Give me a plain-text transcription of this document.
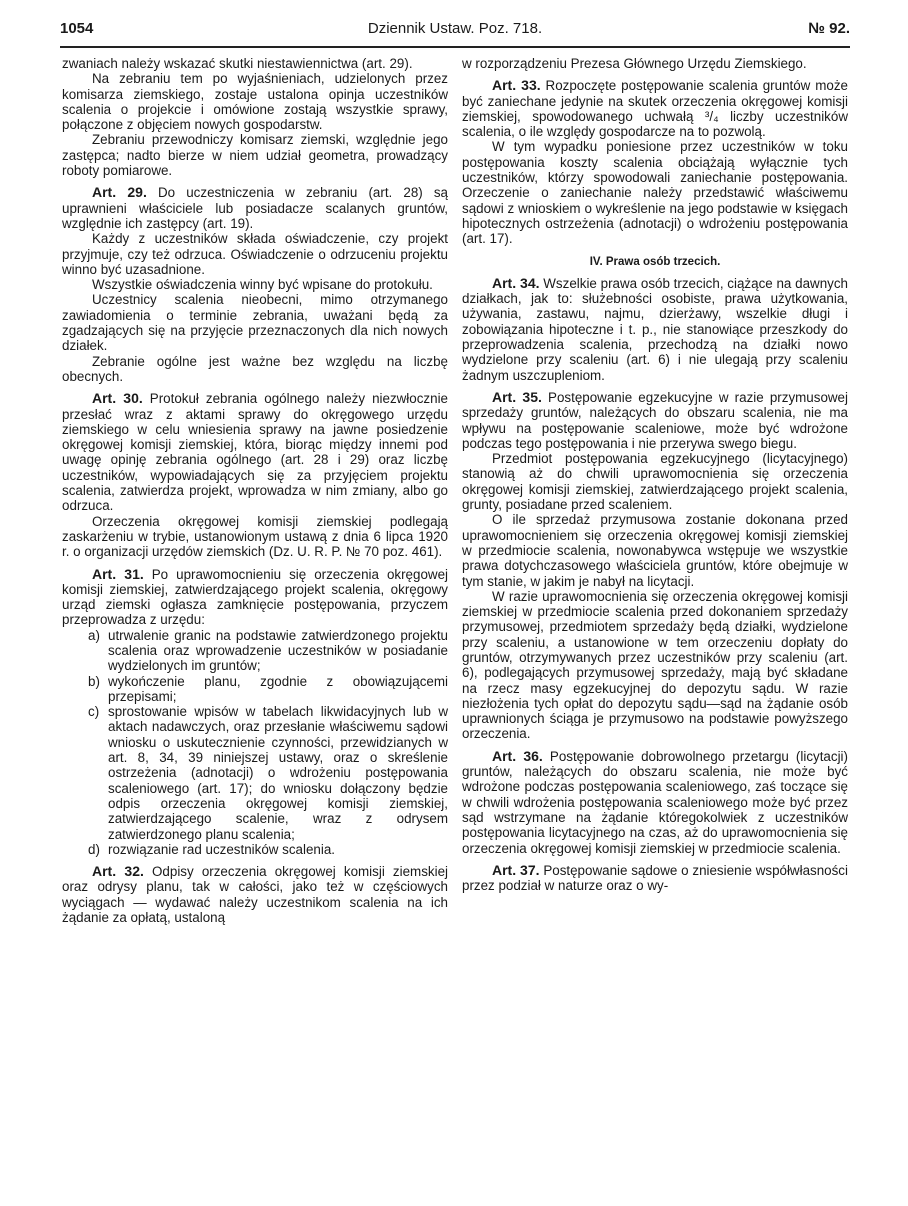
1054	Dziennik Ustaw. Poz. 718.	№ 92.

zwaniach należy wskazać skutki niestawiennictwa (art. 29).

Na zebraniu tem po wyjaśnieniach, udzielonych przez komisarza ziemskiego, zostaje ustalona opinja uczestników scalenia o projekcie i omówione zostają wszystkie sprawy, połączone z objęciem nowych gospodarstw.

Zebraniu przewodniczy komisarz ziemski, względnie jego zastępca; nadto bierze w niem udział geometra, prowadzący roboty pomiarowe.

Art. 29. Do uczestniczenia w zebraniu (art. 28) są uprawnieni właściciele lub posiadacze scalanych gruntów, względnie ich zastępcy (art. 19).

Każdy z uczestników składa oświadczenie, czy projekt przyjmuje, czy też odrzuca. Oświadczenie o odrzuceniu projektu winno być uzasadnione.

Wszystkie oświadczenia winny być wpisane do protokułu.

Uczestnicy scalenia nieobecni, mimo otrzymanego zawiadomienia o terminie zebrania, uważani będą za zgadzających się na przyjęcie przeznaczonych dla nich nowych działek.

Zebranie ogólne jest ważne bez względu na liczbę obecnych.

Art. 30. Protokuł zebrania ogólnego należy niezwłocznie przesłać wraz z aktami sprawy do okręgowego urzędu ziemskiego w celu wniesienia sprawy na jawne posiedzenie okręgowej komisji ziemskiej, która, biorąc między innemi pod uwagę opinję zebrania ogólnego (art. 28 i 29) oraz liczbę uczestników, wypowiadających się za przyjęciem projektu scalenia, zatwierdza projekt, wprowadza w nim zmiany, albo go odrzuca.

Orzeczenia okręgowej komisji ziemskiej podlegają zaskarżeniu w trybie, ustanowionym ustawą z dnia 6 lipca 1920 r. o organizacji urzędów ziemskich (Dz. U. R. P. № 70 poz. 461).

Art. 31. Po uprawomocnieniu się orzeczenia okręgowej komisji ziemskiej, zatwierdzającego projekt scalenia, okręgowy urząd ziemski ogłasza zamknięcie postępowania, przyczem przeprowadza z urzędu:

a) utrwalenie granic na podstawie zatwierdzonego projektu scalenia oraz wprowadzenie uczestników w posiadanie wydzielonych im gruntów;
b) wykończenie planu, zgodnie z obowiązującemi przepisami;
c) sprostowanie wpisów w tabelach likwidacyjnych lub w aktach nadawczych, oraz przesłanie właściwemu sądowi wniosku o uskutecznienie czynności, przewidzianych w art. 8, 34, 39 niniejszej ustawy, oraz o skreślenie ostrzeżenia (adnotacji) o wdrożeniu postępowania scaleniowego (art. 17); do wniosku dołączony będzie odpis orzeczenia okręgowej komisji ziemskiej, zatwierdzającego scalenie, wraz z odrysem zatwierdzonego planu scalenia;
d) rozwiązanie rad uczestników scalenia.

Art. 32. Odpisy orzeczenia okręgowej komisji ziemskiej oraz odrysy planu, tak w całości, jako też w częściowych wyciągach — wydawać należy uczestnikom scalenia na ich żądanie za opłatą, ustaloną

w rozporządzeniu Prezesa Głównego Urzędu Ziemskiego.

Art. 33. Rozpoczęte postępowanie scalenia gruntów może być zaniechane jedynie na skutek orzeczenia okręgowej komisji ziemskiej, spowodowanego uchwałą ³/₄ liczby uczestników scalenia, o ile względy gospodarcze na to pozwolą.

W tym wypadku poniesione przez uczestników w toku postępowania koszty scalenia obciążają wyłącznie tych uczestników, którzy spowodowali zaniechanie postępowania. Orzeczenie o zaniechanie należy przedstawić właściwemu sądowi z wnioskiem o wykreślenie na jego podstawie w księgach hipotecznych ostrzeżenia (adnotacji) o wdrożeniu postępowania (art. 17).

IV. Prawa osób trzecich.

Art. 34. Wszelkie prawa osób trzecich, ciążące na dawnych działkach, jak to: służebności osobiste, prawa użytkowania, używania, zastawu, najmu, dzierżawy, wszelkie długi i zobowiązania hipoteczne i t. p., nie stanowiące przeszkody do przeprowadzenia scalenia, przechodzą na działki nowo wydzielone przy scaleniu (art. 6) i nie ulegają przy scaleniu żadnym uszczupleniom.

Art. 35. Postępowanie egzekucyjne w razie przymusowej sprzedaży gruntów, należących do obszaru scalenia, nie ma wpływu na postępowanie scaleniowe, może być wdrożone podczas tego postępowania i nie przerywa swego biegu.

Przedmiot postępowania egzekucyjnego (licytacyjnego) stanowią aż do chwili uprawomocnienia się orzeczenia okręgowej komisji ziemskiej, zatwierdzającego projekt scalenia, grunty, posiadane przed scaleniem.

O ile sprzedaż przymusowa zostanie dokonana przed uprawomocnieniem się orzeczenia okręgowej komisji ziemskiej w przedmiocie scalenia, nowonabywca wstępuje we wszystkie prawa dotychczasowego właściciela gruntów, które obejmuje w tym stanie, w jakim je nabył na licytacji.

W razie uprawomocnienia się orzeczenia okręgowej komisji ziemskiej w przedmiocie scalenia przed dokonaniem sprzedaży przymusowej, przedmiotem sprzedaży będą działki, wydzielone przy scaleniu, a ustanowione w tem orzeczeniu dopłaty do gruntów, otrzymywanych przez uczestników przy scaleniu (art. 6), podlegających przymusowej sprzedaży, mają być składane na rzecz masy egzekucyjnej do depozytu sądu. W razie niezłożenia tych opłat do depozytu sądu—sąd na żądanie osób uprawnionych ściąga je przymusowo na podstawie powyższego orzeczenia.

Art. 36. Postępowanie dobrowolnego przetargu (licytacji) gruntów, należących do obszaru scalenia, nie może być wdrożone podczas postępowania scaleniowego, zaś toczące się w chwili wdrożenia postępowania scaleniowego może być przez sąd wstrzymane na żądanie któregokolwiek z uczestników postępowania licytacyjnego na czas, aż do uprawomocnienia się orzeczenia okręgowej komisji ziemskiej w przedmiocie scalenia.

Art. 37. Postępowanie sądowe o zniesienie współwłasności przez podział w naturze oraz o wy-
